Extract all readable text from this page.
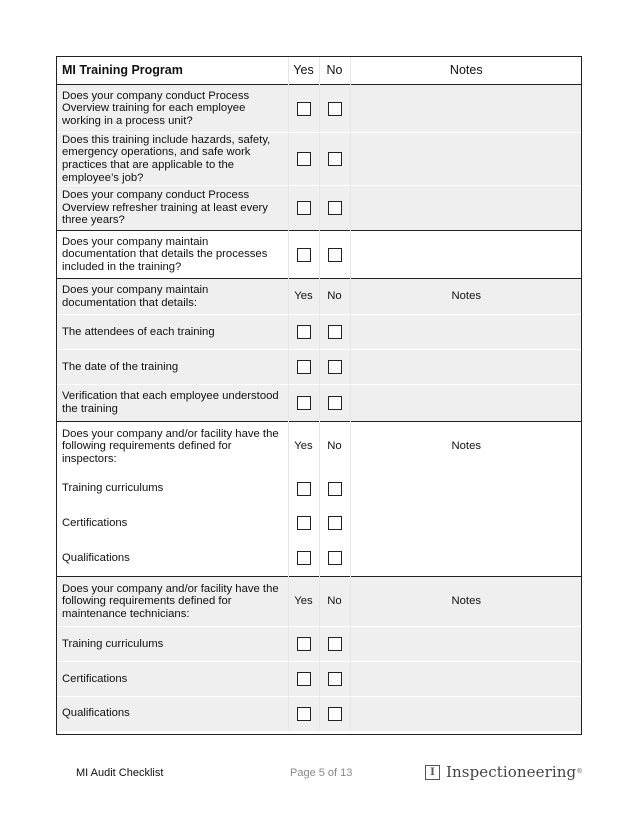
MI Training Program	Yes	No	Notes
Does your company conduct Process Overview training for each employee working in a process unit?			
Does this training include hazards, safety, emergency operations, and safe work practices that are applicable to the employee’s job?			
Does your company conduct Process Overview refresher training at least every three years?			
Does your company maintain documentation that details the processes included in the training?			
Does your company maintain documentation that details:	Yes	No	Notes
The attendees of each training			
The date of the training			
Verification that each employee understood the training			
Does your company and/or facility have the following requirements defined for inspectors:	Yes	No	Notes
Training curriculums			
Certifications			
Qualifications			
Does your company and/or facility have the following requirements defined for maintenance technicians:	Yes	No	Notes
Training curriculums			
Certifications			
Qualifications			
MI Audit Checklist	Page 5 of 13	I Inspectioneering ®
